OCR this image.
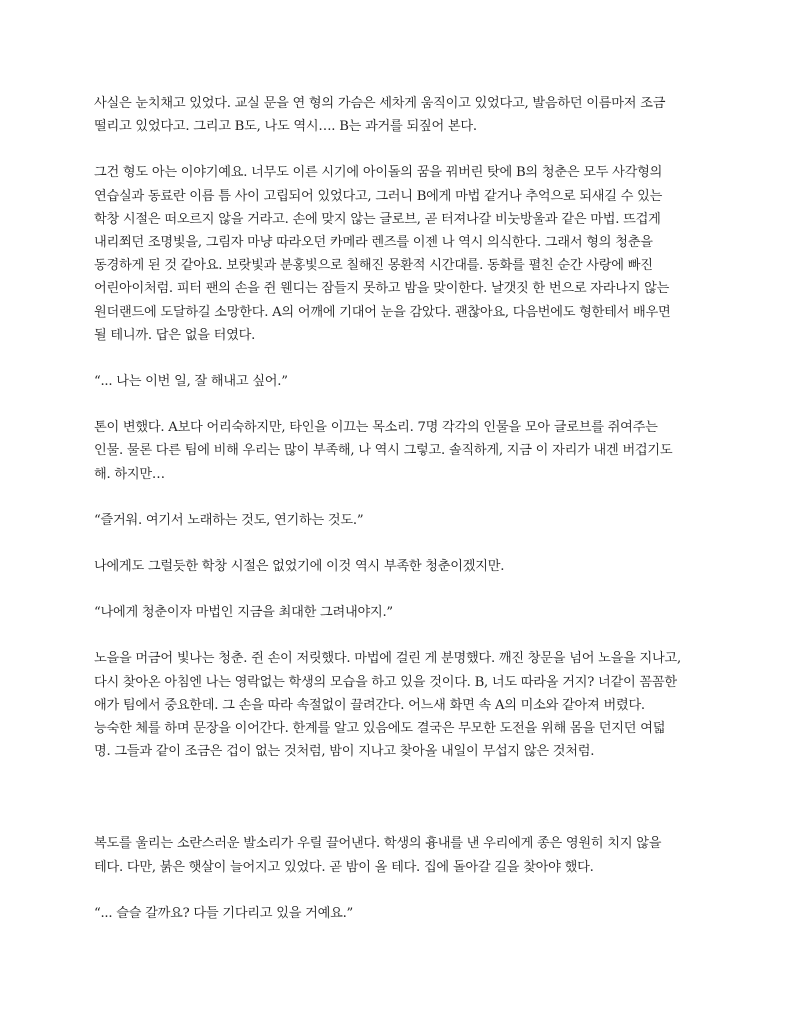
사실은 눈치채고 있었다. 교실 문을 연 형의 가슴은 세차게 움직이고 있었다고, 발음하던 이름마저 조금
떨리고 있었다고. 그리고 B도, 나도 역시…. B는 과거를 되짚어 본다.

그건 형도 아는 이야기예요. 너무도 이른 시기에 아이돌의 꿈을 꿔버린 탓에 B의 청춘은 모두 사각형의
연습실과 동료란 이름 틈 사이 고립되어 있었다고, 그러니 B에게 마법 같거나 추억으로 되새길 수 있는
학창 시절은 떠오르지 않을 거라고. 손에 맞지 않는 글로브, 곧 터져나갈 비눗방울과 같은 마법. 뜨겁게
내리쬐던 조명빛을, 그림자 마냥 따라오던 카메라 렌즈를 이젠 나 역시 의식한다. 그래서 형의 청춘을
동경하게 된 것 같아요. 보랏빛과 분홍빛으로 칠해진 몽환적 시간대를. 동화를 펼친 순간 사랑에 빠진
어린아이처럼. 피터 팬의 손을 쥔 웬디는 잠들지 못하고 밤을 맞이한다. 날갯짓 한 번으로 자라나지 않는
원더랜드에 도달하길 소망한다. A의 어깨에 기대어 눈을 감았다. 괜찮아요, 다음번에도 형한테서 배우면
될 테니까. 답은 없을 터였다.

“... 나는 이번 일, 잘 해내고 싶어.”

톤이 변했다. A보다 어리숙하지만, 타인을 이끄는 목소리. 7명 각각의 인물을 모아 글로브를 쥐여주는
인물. 물론 다른 팀에 비해 우리는 많이 부족해, 나 역시 그렇고. 솔직하게, 지금 이 자리가 내겐 버겁기도
해. 하지만…

“즐거워. 여기서 노래하는 것도, 연기하는 것도.”

나에게도 그럴듯한 학창 시절은 없었기에 이것 역시 부족한 청춘이겠지만.

“나에게 청춘이자 마법인 지금을 최대한 그려내야지.”

노을을 머금어 빛나는 청춘. 쥔 손이 저릿했다. 마법에 걸린 게 분명했다. 깨진 창문을 넘어 노을을 지나고,
다시 찾아온 아침엔 나는 영락없는 학생의 모습을 하고 있을 것이다. B, 너도 따라올 거지? 너같이 꼼꼼한
애가 팀에서 중요한데. 그 손을 따라 속절없이 끌려간다. 어느새 화면 속 A의 미소와 같아져 버렸다.
능숙한 체를 하며 문장을 이어간다. 한계를 알고 있음에도 결국은 무모한 도전을 위해 몸을 던지던 여덟
명. 그들과 같이 조금은 겁이 없는 것처럼, 밤이 지나고 찾아올 내일이 무섭지 않은 것처럼.

복도를 울리는 소란스러운 발소리가 우릴 끌어낸다. 학생의 흉내를 낸 우리에게 종은 영원히 치지 않을
테다. 다만, 붉은 햇살이 늘어지고 있었다. 곧 밤이 올 테다. 집에 돌아갈 길을 찾아야 했다.

“... 슬슬 갈까요? 다들 기다리고 있을 거예요.”
